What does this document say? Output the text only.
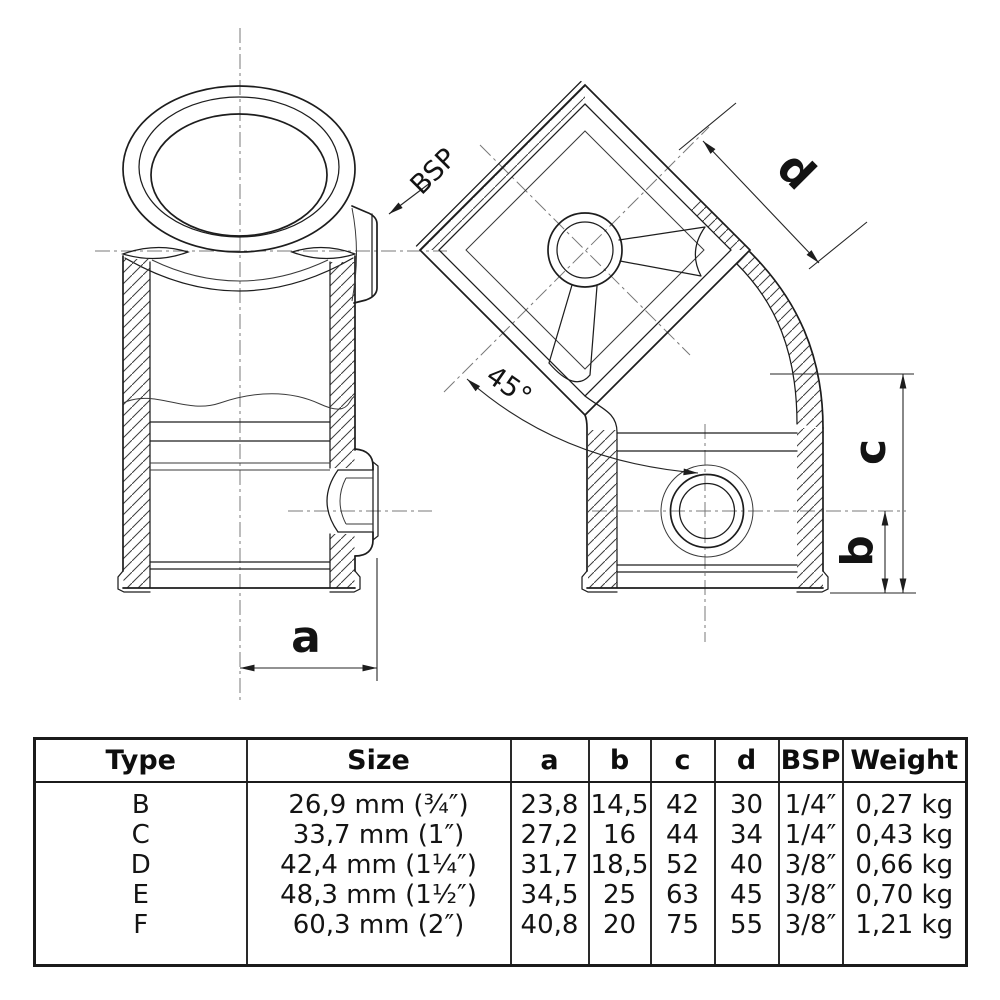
BSP
a
45°
d
c
b
Type	Size	a	b	c	d	BSP	Weight

B	26,9 mm (¾″)	23,8	14,5	42	30	1/4″	0,27 kg
C	33,7 mm (1″)	27,2	16	44	34	1/4″	0,43 kg
D	42,4 mm (1¼″)	31,7	18,5	52	40	3/8″	0,66 kg
E	48,3 mm (1½″)	34,5	25	63	45	3/8″	0,70 kg
F	60,3 mm (2″)	40,8	20	75	55	3/8″	1,21 kg
